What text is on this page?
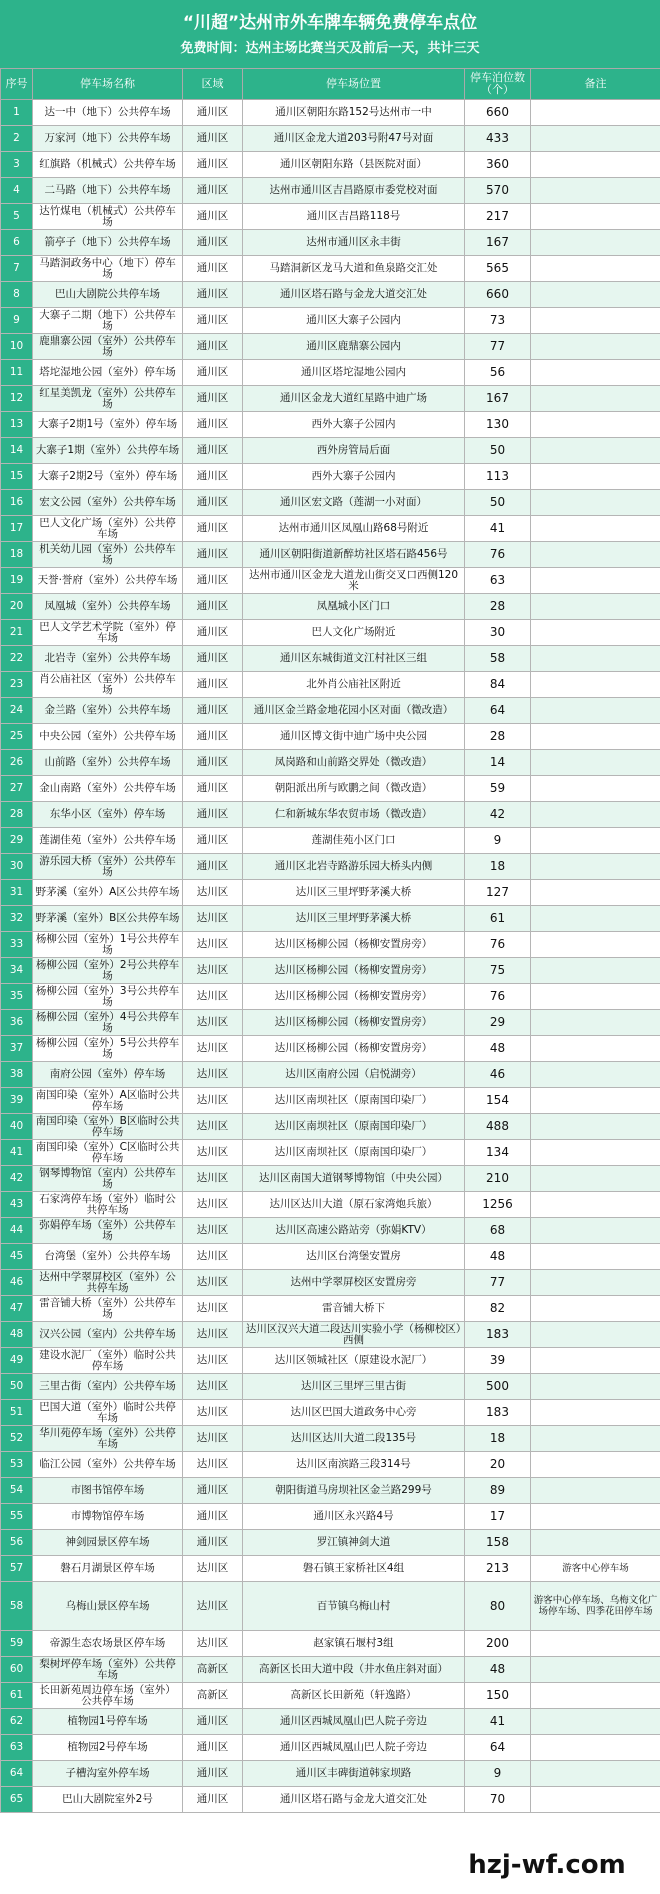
“川超”达州市外车牌车辆免费停车点位
免费时间：达州主场比赛当天及前后一天，共计三天
序号	停车场名称	区域	停车场位置	停车泊位数（个）	备注
1	达一中（地下）公共停车场	通川区	通川区朝阳东路152号达州市一中	660	
2	万家河（地下）公共停车场	通川区	通川区金龙大道203号附47号对面	433	
3	红旗路（机械式）公共停车场	通川区	通川区朝阳东路（县医院对面）	360	
4	二马路（地下）公共停车场	通川区	达州市通川区吉昌路原市委党校对面	570	
5	达竹煤电（机械式）公共停车场	通川区	通川区吉昌路118号	217	
6	箭亭子（地下）公共停车场	通川区	达州市通川区永丰街	167	
7	马踏洞政务中心（地下）停车场	通川区	马踏洞新区龙马大道和鱼泉路交汇处	565	
8	巴山大剧院公共停车场	通川区	通川区塔石路与金龙大道交汇处	660	
9	大寨子二期（地下）公共停车场	通川区	通川区大寨子公园内	73	
10	鹿鼎寨公园（室外）公共停车场	通川区	通川区鹿鼎寨公园内	77	
11	塔坨湿地公园（室外）停车场	通川区	通川区塔坨湿地公园内	56	
12	红星美凯龙（室外）公共停车场	通川区	通川区金龙大道红星路中迪广场	167	
13	大寨子2期1号（室外）停车场	通川区	西外大寨子公园内	130	
14	大寨子1期（室外）公共停车场	通川区	西外房管局后面	50	
15	大寨子2期2号（室外）停车场	通川区	西外大寨子公园内	113	
16	宏文公园（室外）公共停车场	通川区	通川区宏文路（莲湖一小对面）	50	
17	巴人文化广场（室外）公共停车场	通川区	达州市通川区凤凰山路68号附近	41	
18	机关幼儿园（室外）公共停车场	通川区	通川区朝阳街道新醉坊社区塔石路456号	76	
19	天誉·誉府（室外）公共停车场	通川区	达州市通川区金龙大道龙山街交叉口西侧120米	63	
20	凤凰城（室外）公共停车场	通川区	凤凰城小区门口	28	
21	巴人文学艺术学院（室外）停车场	通川区	巴人文化广场附近	30	
22	北岩寺（室外）公共停车场	通川区	通川区东城街道文江村社区三组	58	
23	肖公庙社区（室外）公共停车场	通川区	北外肖公庙社区附近	84	
24	金兰路（室外）公共停车场	通川区	通川区金兰路金地花园小区对面（微改造）	64	
25	中央公园（室外）公共停车场	通川区	通川区博文街中迪广场中央公园	28	
26	山前路（室外）公共停车场	通川区	凤岗路和山前路交界处（微改造）	14	
27	金山南路（室外）公共停车场	通川区	朝阳派出所与欧鹏之间（微改造）	59	
28	东华小区（室外）停车场	通川区	仁和新城东华农贸市场（微改造）	42	
29	莲湖佳苑（室外）公共停车场	通川区	莲湖佳苑小区门口	9	
30	游乐园大桥（室外）公共停车场	通川区	通川区北岩寺路游乐园大桥头内侧	18	
31	野茅溪（室外）A区公共停车场	达川区	达川区三里坪野茅溪大桥	127	
32	野茅溪（室外）B区公共停车场	达川区	达川区三里坪野茅溪大桥	61	
33	杨柳公园（室外）1号公共停车场	达川区	达川区杨柳公园（杨柳安置房旁）	76	
34	杨柳公园（室外）2号公共停车场	达川区	达川区杨柳公园（杨柳安置房旁）	75	
35	杨柳公园（室外）3号公共停车场	达川区	达川区杨柳公园（杨柳安置房旁）	76	
36	杨柳公园（室外）4号公共停车场	达川区	达川区杨柳公园（杨柳安置房旁）	29	
37	杨柳公园（室外）5号公共停车场	达川区	达川区杨柳公园（杨柳安置房旁）	48	
38	南府公园（室外）停车场	达川区	达川区南府公园（启悦湖旁）	46	
39	南国印染（室外）A区临时公共停车场	达川区	达川区南坝社区（原南国印染厂）	154	
40	南国印染（室外）B区临时公共停车场	达川区	达川区南坝社区（原南国印染厂）	488	
41	南国印染（室外）C区临时公共停车场	达川区	达川区南坝社区（原南国印染厂）	134	
42	钢琴博物馆（室内）公共停车场	达川区	达川区南国大道钢琴博物馆（中央公园）	210	
43	石家湾停车场（室外）临时公共停车场	达川区	达川区达川大道（原石家湾炮兵旅）	1256	
44	弥娟停车场（室外）公共停车场	达川区	达川区高速公路站旁（弥娟KTV）	68	
45	台湾堡（室外）公共停车场	达川区	达川区台湾堡安置房	48	
46	达州中学翠屏校区（室外）公共停车场	达川区	达州中学翠屏校区安置房旁	77	
47	雷音铺大桥（室外）公共停车场	达川区	雷音铺大桥下	82	
48	汉兴公园（室内）公共停车场	达川区	达川区汉兴大道二段达川实验小学（杨柳校区）西侧	183	
49	建设水泥厂（室外）临时公共停车场	达川区	达川区领城社区（原建设水泥厂）	39	
50	三里古街（室内）公共停车场	达川区	达川区三里坪三里古街	500	
51	巴国大道（室外）临时公共停车场	达川区	达川区巴国大道政务中心旁	183	
52	华川苑停车场（室外）公共停车场	达川区	达川区达川大道二段135号	18	
53	临江公园（室外）公共停车场	达川区	达川区南滨路三段314号	20	
54	市图书馆停车场	通川区	朝阳街道马房坝社区金兰路299号	89	
55	市博物馆停车场	通川区	通川区永兴路4号	17	
56	神剑园景区停车场	通川区	罗江镇神剑大道	158	
57	磐石月湖景区停车场	达川区	磐石镇王家桥社区4组	213	游客中心停车场
58	乌梅山景区停车场	达川区	百节镇乌梅山村	80	游客中心停车场、乌梅文化广场停车场、四季花田停车场
59	帝源生态农场景区停车场	达川区	赵家镇石堰村3组	200	
60	梨树坪停车场（室外）公共停车场	高新区	高新区长田大道中段（井水鱼庄斜对面）	48	
61	长田新苑周边停车场（室外）公共停车场	高新区	高新区长田新苑（轩逸路）	150	
62	植物园1号停车场	通川区	通川区西城凤凰山巴人院子旁边	41	
63	植物园2号停车场	通川区	通川区西城凤凰山巴人院子旁边	64	
64	子槽沟室外停车场	通川区	通川区丰碑街道韩家坝路	9	
65	巴山大剧院室外2号	通川区	通川区塔石路与金龙大道交汇处	70	
hzj-wf.com
